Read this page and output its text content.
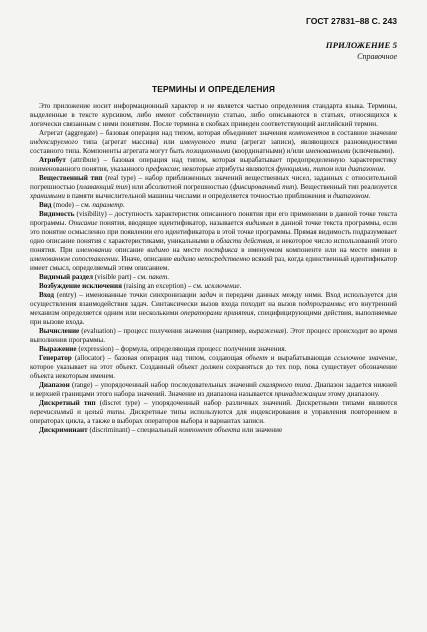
ГОСТ 27831–88 С. 243
ПРИЛОЖЕНИЕ 5
Справочное
ТЕРМИНЫ И ОПРЕДЕЛЕНИЯ

Это приложение носит информационный характер и не является частью определения стандарта языка. Термины, выделенные в тексте курсивом, либо имеют собственную статью, либо описываются в статьях, относящихся к логически связанным с ними понятиям. После термина в скобках приведен соответствующий английский термин.

Агрегат (aggregate) – базовая операция над типом, которая объединяет значения компонентов в составное значение индексируемого типа (агрегат массива) или именуемого типа (агрегат записи), являющихся разновидностями составного типа. Компоненты агрегата могут быть позиционными (координатными) и/или именованными (ключевыми).

Атрибут (attribute) – базовая операция над типом, которая вырабатывает предопределенную характеристику поименованного понятия, указанного префиксом; некоторые атрибуты являются функциями, типом или диапазоном.

Вещественный тип (real type) – набор приближенных значений вещественных чисел, заданных с относительной погрешностью (плавающий тип) или абсолютной погрешностью (фиксированный тип). Вещественный тип реализуется хранимыми в памяти вычислительной машины числами и определяется точностью приближения и диапазоном.

Вид (mode) – см. параметр.

Видимость (visibility) – доступность характеристик описанного понятия при его применении в данной точке текста программы. Описание понятия, вводящее идентификатор, называется видимым в данной точке текста программы, если это понятие осмысленно при появлении его идентификатора в этой точке программы. Прямая видимость подразумевает одно описание понятия с характеристиками, уникальными в области действия, и некоторое число использований этого понятия. При именовании описание видимо на месте постфикса в именуемом компоненте или на месте имени в именованном сопоставлении. Иначе, описание видимо непосредственно всякий раз, когда единственный идентификатор имеет смысл, определяемый этим описанием.

Видимый раздел (visible part) - см. пакет.

Возбуждение исключения (raising an exception) – см. исключение.

Вход (entry) – именованные точки синхронизации задач и передачи данных между ними. Вход используется для осуществления взаимодействия задач. Синтаксически вызов входа походит на вызов подпрограммы; его внутренний механизм определяется одним или несколькими операторами принятия, специфицирующими действия, выполняемые при вызове входа.

Вычисление (evaluation) – процесс получения значения (например, выражения). Этот процесс происходит во время выполнения программы.

Выражение (expression) – формула, определяющая процесс получения значения.

Генератор (allocator) – базовая операция над типом, создающая объект и вырабатывающая ссылочное значение, которое указывает на этот объект. Созданный объект должен сохраняться до тех пор, пока существует обозначение объекта некоторым именем.

Диапазон (range) – упорядоченный набор последовательных значений скалярного типа. Диапазон задается нижней и верхней границами этого набора значений. Значение из диапазона называется принадлежащим этому диапазону.

Дискретный тип (discret type) – упорядоченный набор различных значений. Дискретными типами являются перечислимый и целый типы. Дискретные типы используются для индексирования и управления повторением в операторах цикла, а также в выборах операторов выбора и вариантах записи.

Дискриминант (discriminant) – специальный компонент объекта или значение
